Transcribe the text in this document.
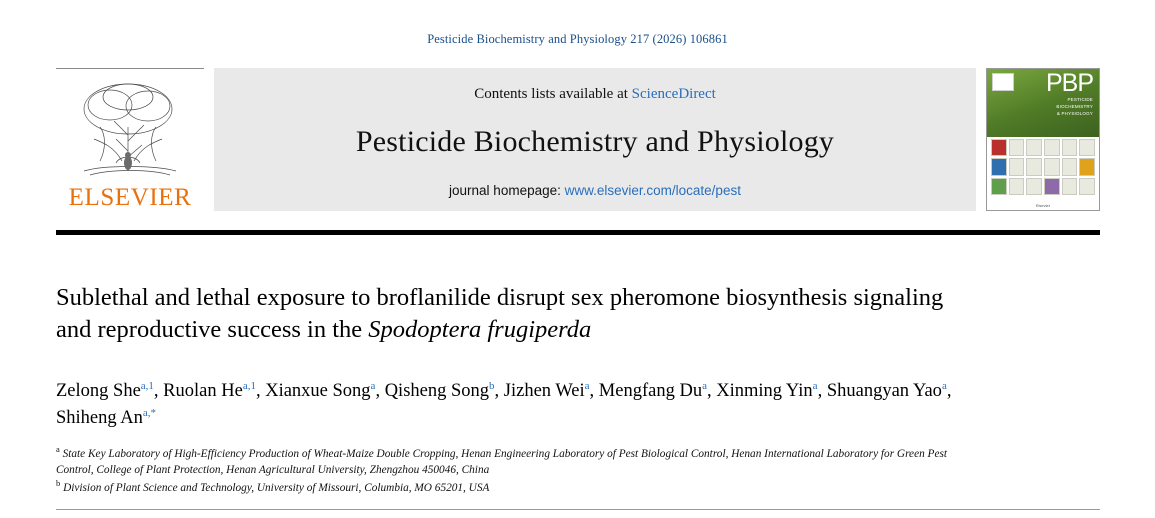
Pesticide Biochemistry and Physiology 217 (2026) 106861
ELSEVIER
Contents lists available at ScienceDirect
Pesticide Biochemistry and Physiology
journal homepage: www.elsevier.com/locate/pest
PBP
PESTICIDE
BIOCHEMISTRY
& PHYSIOLOGY
Elsevier
Sublethal and lethal exposure to broflanilide disrupt sex pheromone biosynthesis signaling and reproductive success in the Spodoptera frugiperda
Zelong She$^{a,1}$, Ruolan He$^{a,1}$, Xianxue Song$^a$, Qisheng Song$^b$, Jizhen Wei$^a$, Mengfang Du$^a$, Xinming Yin$^a$, Shuangyan Yao$^a$, Shiheng $An^{a,*}$
$^a$ State Key Laboratory of High-Efficiency Production of Wheat-Maize Double Cropping, Henan Engineering Laboratory of Pest Biological Control, Henan International Laboratory for Green Pest Control, College of Plant Protection, Henan Agricultural University, Zhengzhou 450046, China
$^b$ Division of Plant Science and Technology, University of Missouri, Columbia, MO 65201, USA
